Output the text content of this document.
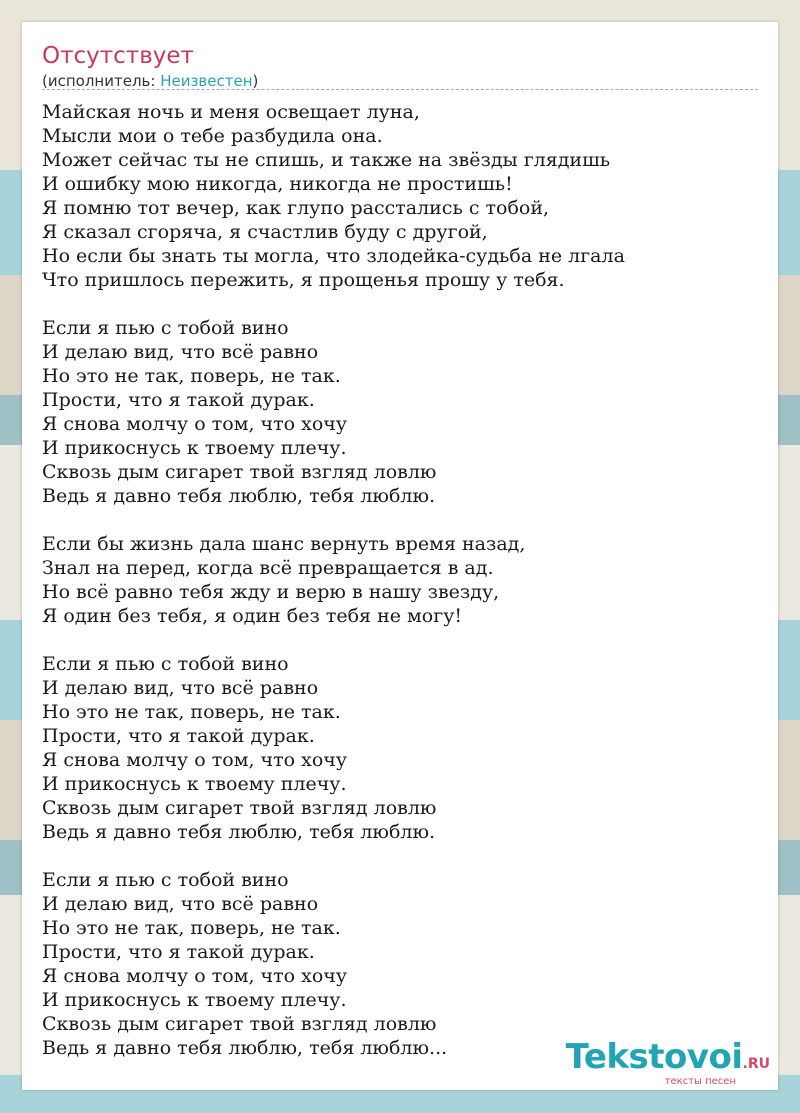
Отсутствует
(исполнитель: Неизвестен)
Майская ночь и меня освещает луна,
Мысли мои о тебе разбудила она.
Может сейчас ты не спишь, и также на звёзды глядишь
И ошибку мою никогда, никогда не простишь!
Я помню тот вечер, как глупо расстались с тобой,
Я сказал сгоряча, я счастлив буду с другой,
Но если бы знать ты могла, что злодейка-судьба не лгала
Что пришлось пережить, я прощенья прошу у тебя.
Если я пью с тобой вино
И делаю вид, что всё равно
Но это не так, поверь, не так.
Прости, что я такой дурак.
Я снова молчу о том, что хочу
И прикоснусь к твоему плечу.
Сквозь дым сигарет твой взгляд ловлю
Ведь я давно тебя люблю, тебя люблю.
Если бы жизнь дала шанс вернуть время назад,
Знал на перед, когда всё превращается в ад.
Но всё равно тебя жду и верю в нашу звезду,
Я один без тебя, я один без тебя не могу!
Если я пью с тобой вино
И делаю вид, что всё равно
Но это не так, поверь, не так.
Прости, что я такой дурак.
Я снова молчу о том, что хочу
И прикоснусь к твоему плечу.
Сквозь дым сигарет твой взгляд ловлю
Ведь я давно тебя люблю, тебя люблю.
Если я пью с тобой вино
И делаю вид, что всё равно
Но это не так, поверь, не так.
Прости, что я такой дурак.
Я снова молчу о том, что хочу
И прикоснусь к твоему плечу.
Сквозь дым сигарет твой взгляд ловлю
Ведь я давно тебя люблю, тебя люблю...	Tekstovoi.RU
тексты песен
